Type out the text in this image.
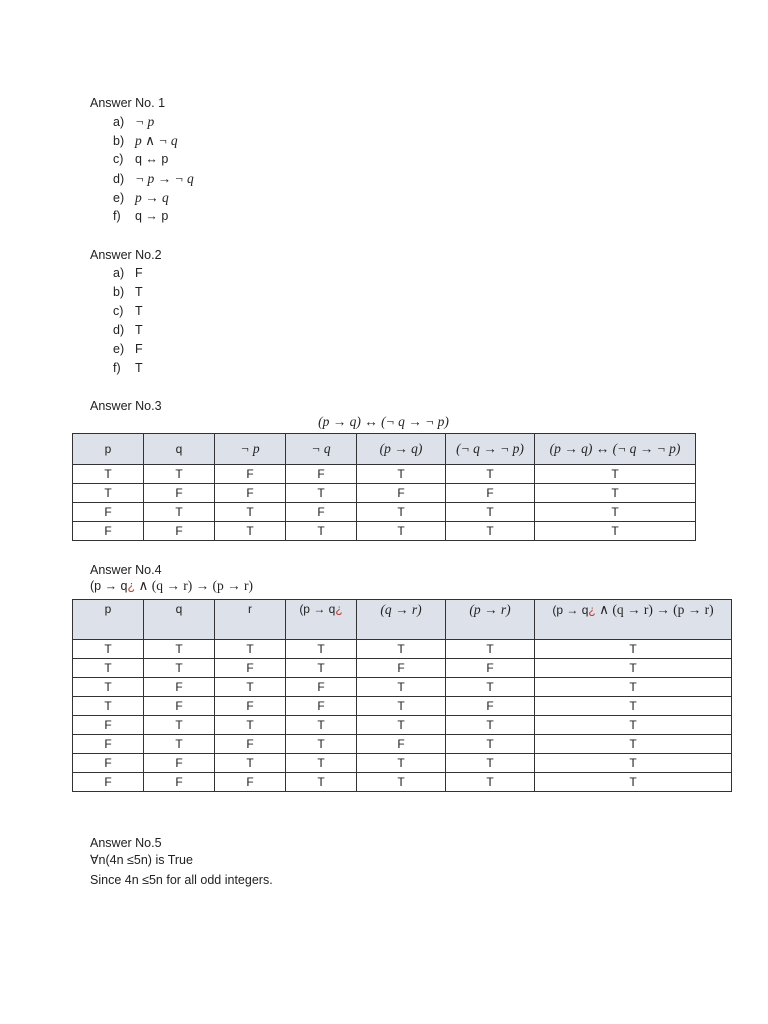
Answer No. 1
a) ¬ p
b) p ∧ ¬ q
c) q ↔ p
d) ¬ p → ¬ q
e) p → q
f) q → p
Answer No.2
a) F
b) T
c) T
d) T
e) F
f) T
Answer No.3
(p → q) ↔ (¬ q → ¬ p)
p	q	¬ p	¬ q	(p → q)	(¬ q → ¬ p)	(p → q) ↔ (¬ q → ¬ p)
T	T	F	F	T	T	T
T	F	F	T	F	F	T
F	T	T	F	T	T	T
F	F	T	T	T	T	T
Answer No.4
(p → q¿ ∧ (q → r) → (p → r)
p	q	r	(p → q¿	(q → r)	(p → r)	(p → q¿ ∧ (q → r) → (p → r)
T	T	T	T	T	T	T
T	T	F	T	F	F	T
T	F	T	F	T	T	T
T	F	F	F	T	F	T
F	T	T	T	T	T	T
F	T	F	T	F	T	T
F	F	T	T	T	T	T
F	F	F	T	T	T	T
Answer No.5
∀n(4n ≤5n) is True
Since 4n ≤5n for all odd integers.
